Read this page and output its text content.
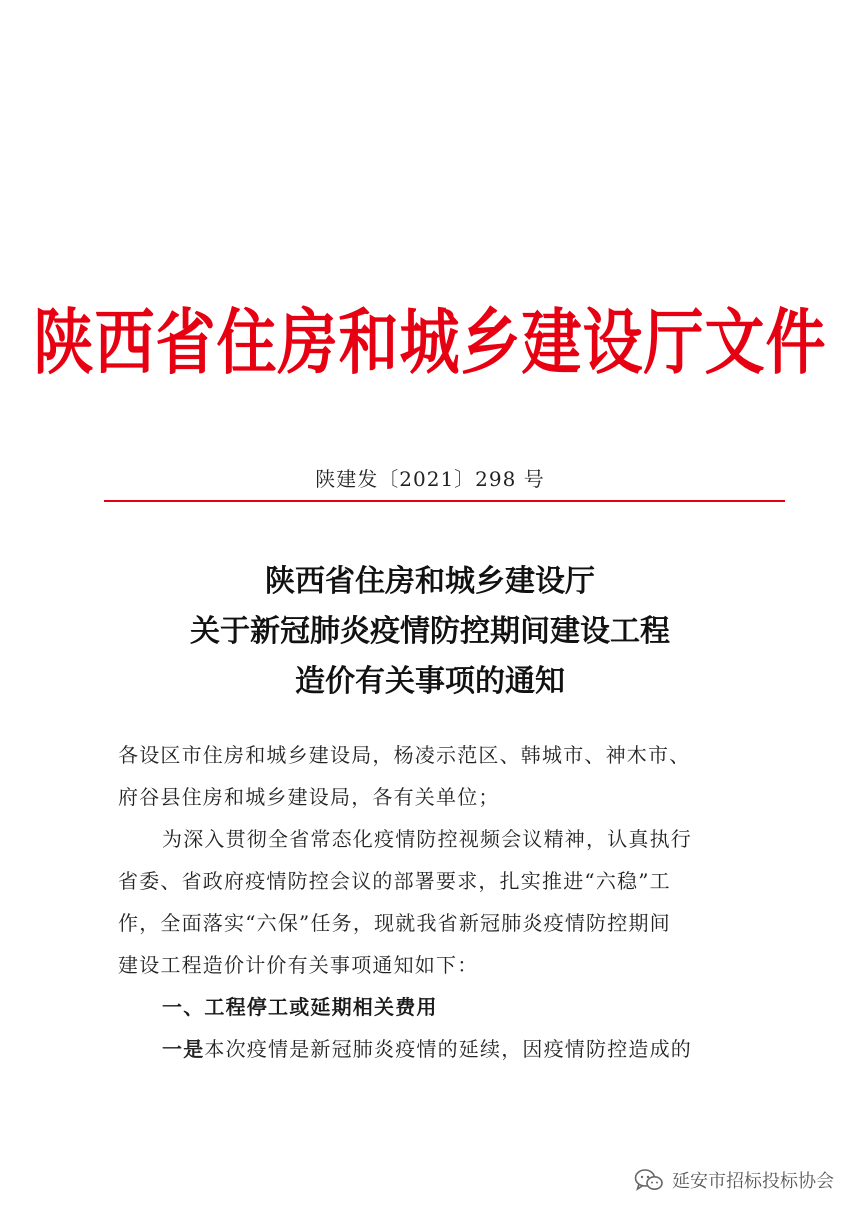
陕西省住房和城乡建设厅文件
陕建发〔2021〕298 号
陕西省住房和城乡建设厅
关于新冠肺炎疫情防控期间建设工程
造价有关事项的通知
各设区市住房和城乡建设局，杨凌示范区、韩城市、神木市、
府谷县住房和城乡建设局，各有关单位；
为深入贯彻全省常态化疫情防控视频会议精神，认真执行
省委、省政府疫情防控会议的部署要求，扎实推进“六稳”工
作，全面落实“六保”任务，现就我省新冠肺炎疫情防控期间
建设工程造价计价有关事项通知如下：
一、工程停工或延期相关费用
一是本次疫情是新冠肺炎疫情的延续，因疫情防控造成的
延安市招标投标协会
